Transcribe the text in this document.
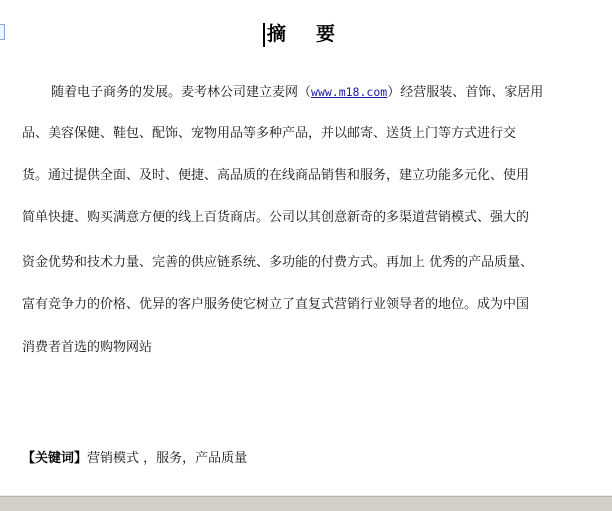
摘 要
随着电子商务的发展。麦考林公司建立麦网（www.m18.com）经营服装、首饰、家居用
品、美容保健、鞋包、配饰、宠物用品等多种产品，并以邮寄、送货上门等方式进行交
货。通过提供全面、及时、便捷、高品质的在线商品销售和服务，建立功能多元化、使用
简单快捷、购买满意方便的线上百货商店。公司以其创意新奇的多渠道营销模式、强大的
资金优势和技术力量、完善的供应链系统、多功能的付费方式。再加上 优秀的产品质量、
富有竞争力的价格、优异的客户服务使它树立了直复式营销行业领导者的地位。成为中国
消费者首选的购物网站
【关键词】营销模式 ，服务，产品质量
